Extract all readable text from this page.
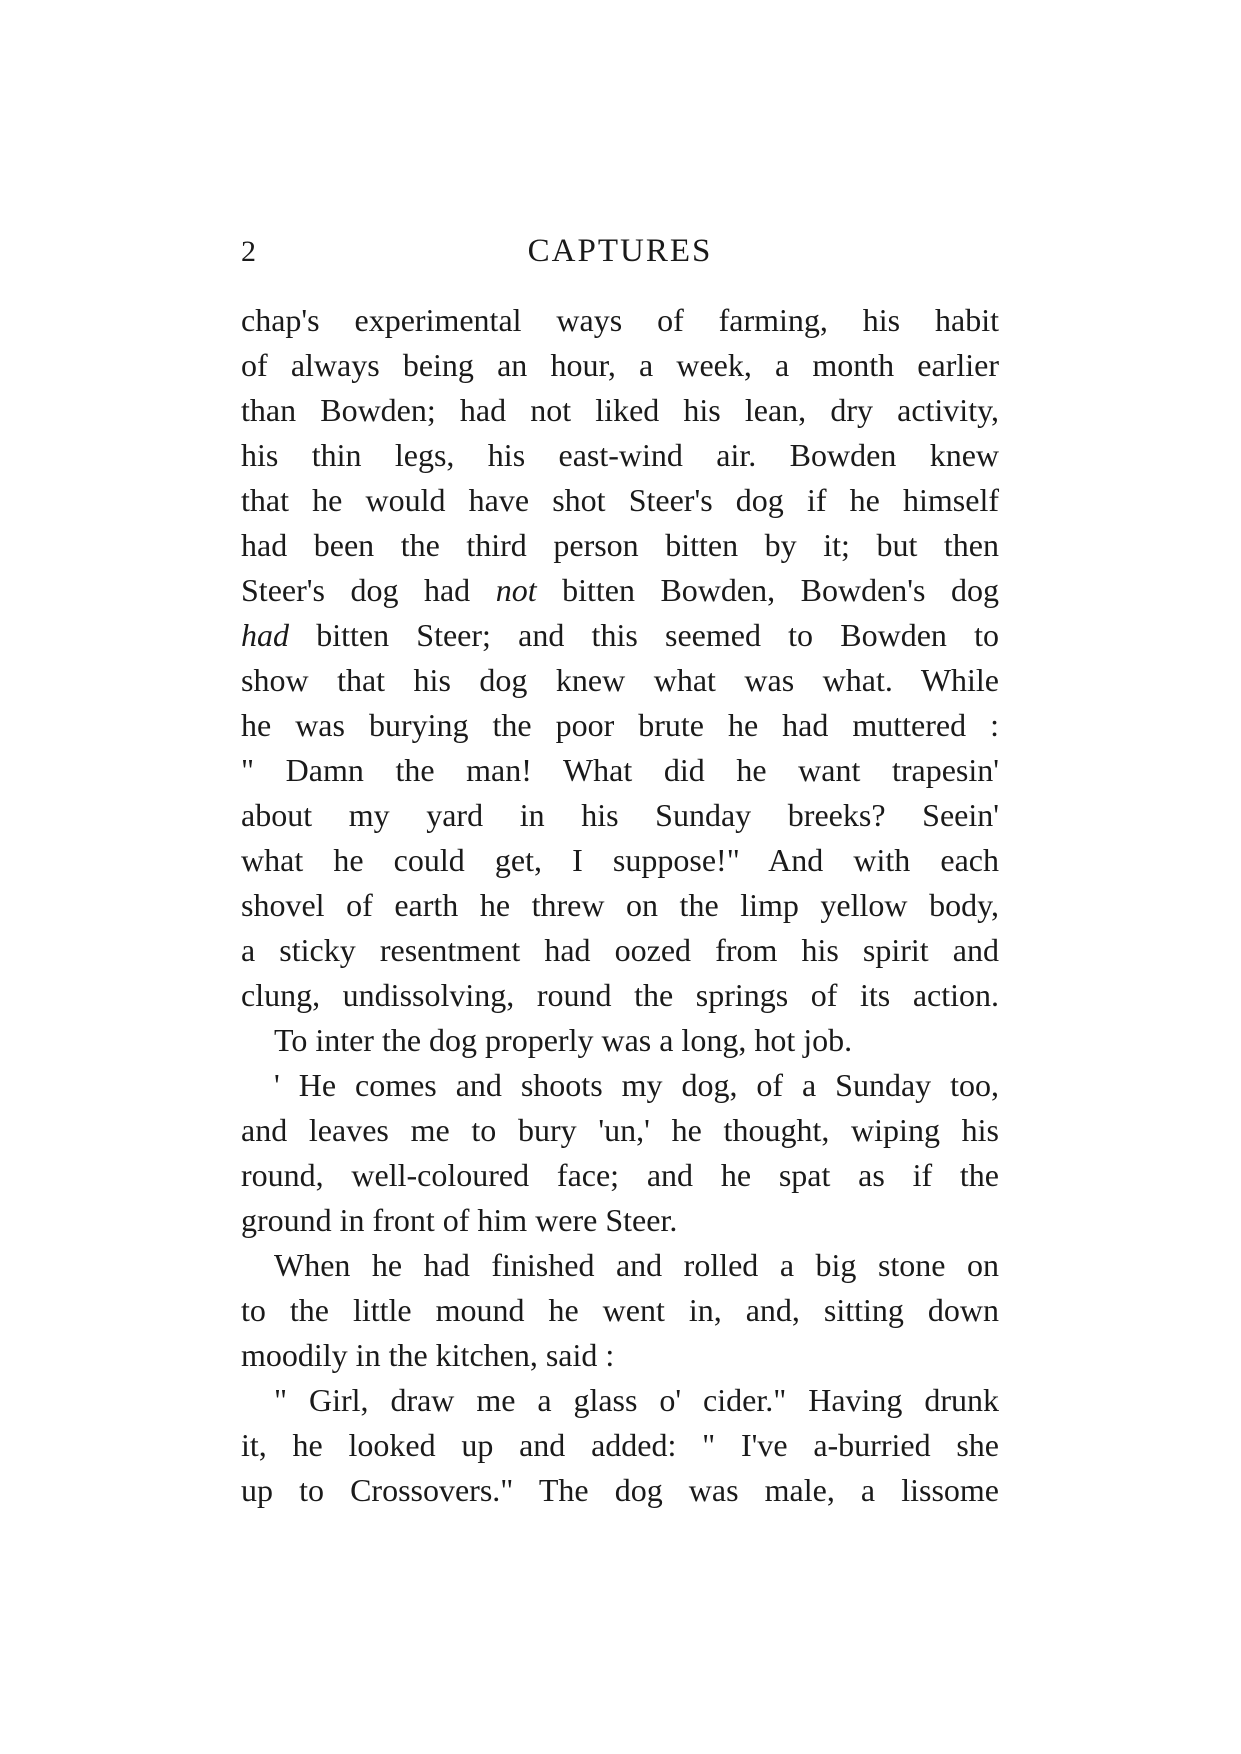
2	CAPTURES
chap's experimental ways of farming, his habit
of always being an hour, a week, a month earlier
than Bowden; had not liked his lean, dry activity,
his thin legs, his east-wind air. Bowden knew
that he would have shot Steer's dog if he himself
had been the third person bitten by it; but then
Steer's dog had not bitten Bowden, Bowden's dog
had bitten Steer; and this seemed to Bowden to
show that his dog knew what was what. While
he was burying the poor brute he had muttered :
" Damn the man! What did he want trapesin'
about my yard in his Sunday breeks? Seein'
what he could get, I suppose!" And with each
shovel of earth he threw on the limp yellow body,
a sticky resentment had oozed from his spirit and
clung, undissolving, round the springs of its action.
To inter the dog properly was a long, hot job.
' He comes and shoots my dog, of a Sunday too,
and leaves me to bury 'un,' he thought, wiping his
round, well-coloured face; and he spat as if the
ground in front of him were Steer.
When he had finished and rolled a big stone on
to the little mound he went in, and, sitting down
moodily in the kitchen, said :
" Girl, draw me a glass o' cider." Having drunk
it, he looked up and added: " I've a-burried she
up to Crossovers." The dog was male, a lissome
